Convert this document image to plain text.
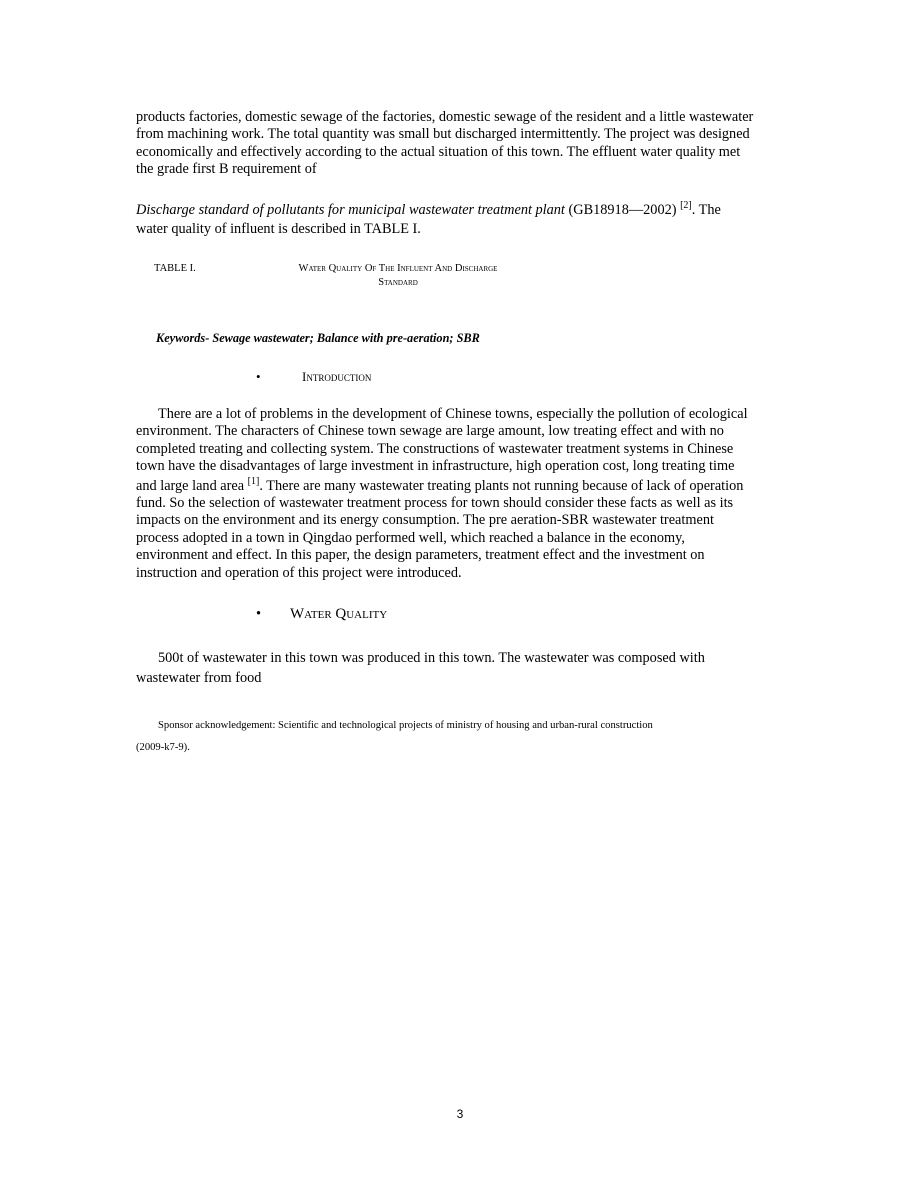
products factories, domestic sewage of the factories, domestic sewage of the resident and a little wastewater
from machining work. The total quantity was small but discharged intermittently. The project was designed
economically and effectively according to the actual situation of this town. The effluent water quality met
the grade first B requirement of
Discharge standard of pollutants for municipal wastewater treatment plant (GB18918—2002) [2]. The
water quality of influent is described in TABLE I.
TABLE I.	Water Quality Of The Influent And Discharge
Standard
Keywords- Sewage wastewater; Balance with pre-aeration; SBR
•	Introduction
There are a lot of problems in the development of Chinese towns, especially the pollution of ecological
environment. The characters of Chinese town sewage are large amount, low treating effect and with no
completed treating and collecting system. The constructions of wastewater treatment systems in Chinese
town have the disadvantages of large investment in infrastructure, high operation cost, long treating time
and large land area [1]. There are many wastewater treating plants not running because of lack of operation
fund. So the selection of wastewater treatment process for town should consider these facts as well as its
impacts on the environment and its energy consumption. The pre aeration-SBR wastewater treatment
process adopted in a town in Qingdao performed well, which reached a balance in the economy,
environment and effect. In this paper, the design parameters, treatment effect and the investment on
instruction and operation of this project were introduced.
• Water Quality
500t of wastewater in this town was produced in this town. The wastewater was composed with
wastewater from food
Sponsor acknowledgement: Scientific and technological projects of ministry of housing and urban-rural construction
(2009-k7-9).
3
